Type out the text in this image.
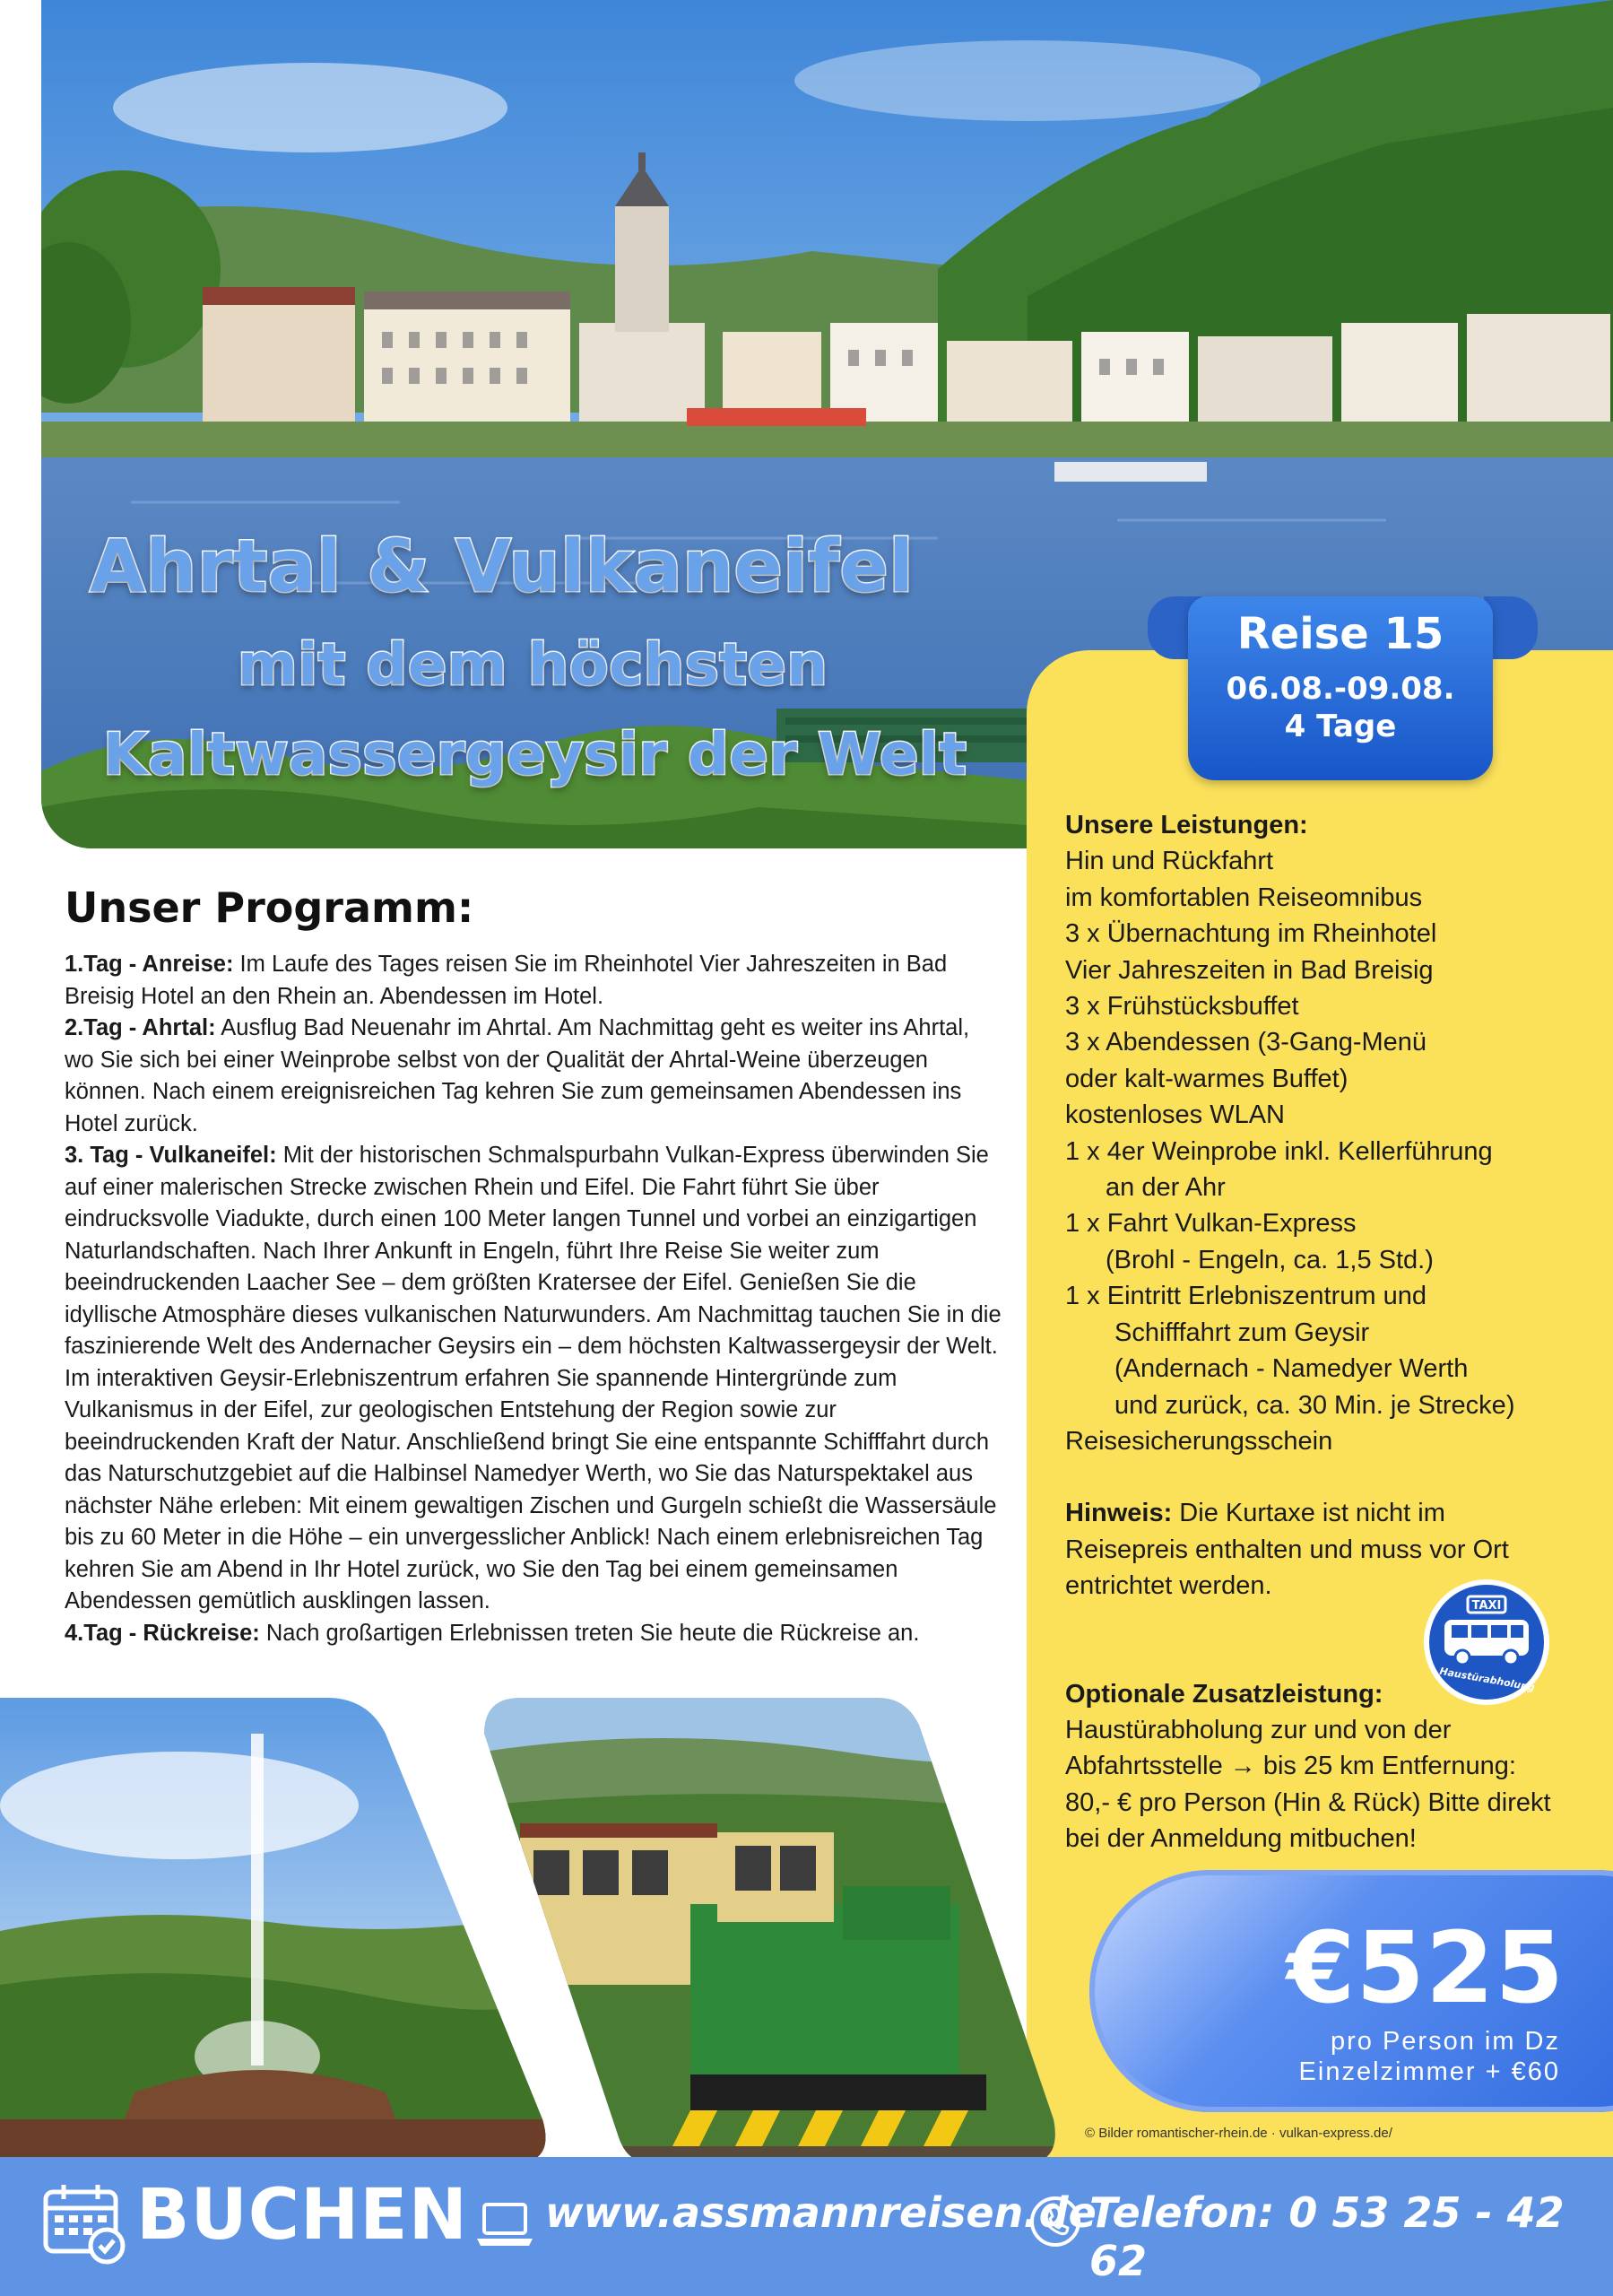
Ahrtal & Vulkaneifel
mit dem höchsten
Kaltwassergeysir der Welt
Reise 15
06.08.-09.08.
4 Tage
Unser Programm:
1.Tag - Anreise: Im Laufe des Tages reisen Sie im Rheinhotel Vier Jahreszeiten in Bad Breisig Hotel an den Rhein an. Abendessen im Hotel.
2.Tag - Ahrtal: Ausflug Bad Neuenahr im Ahrtal. Am Nachmittag geht es weiter ins Ahrtal, wo Sie sich bei einer Weinprobe selbst von der Qualität der Ahrtal-Weine überzeugen können. Nach einem ereignisreichen Tag kehren Sie zum gemeinsamen Abendessen ins Hotel zurück.
3. Tag - Vulkaneifel: Mit der historischen Schmalspurbahn Vulkan-Express überwinden Sie auf einer malerischen Strecke zwischen Rhein und Eifel. Die Fahrt führt Sie über eindrucksvolle Viadukte, durch einen 100 Meter langen Tunnel und vorbei an einzigartigen Naturlandschaften. Nach Ihrer Ankunft in Engeln, führt Ihre Reise Sie weiter zum beeindruckenden Laacher See – dem größten Kratersee der Eifel. Genießen Sie die idyllische Atmosphäre dieses vulkanischen Naturwunders. Am Nachmittag tauchen Sie in die faszinierende Welt des Andernacher Geysirs ein – dem höchsten Kaltwassergeysir der Welt. Im interaktiven Geysir-Erlebniszentrum erfahren Sie spannende Hintergründe zum Vulkanismus in der Eifel, zur geologischen Entstehung der Region sowie zur beeindruckenden Kraft der Natur. Anschließend bringt Sie eine entspannte Schifffahrt durch das Naturschutzgebiet auf die Halbinsel Namedyer Werth, wo Sie das Naturspektakel aus nächster Nähe erleben: Mit einem gewaltigen Zischen und Gurgeln schießt die Wassersäule bis zu 60 Meter in die Höhe – ein unvergesslicher Anblick! Nach einem erlebnisreichen Tag kehren Sie am Abend in Ihr Hotel zurück, wo Sie den Tag bei einem gemeinsamen Abendessen gemütlich ausklingen lassen.
4.Tag - Rückreise: Nach großartigen Erlebnissen treten Sie heute die Rückreise an.
Unsere Leistungen:
Hin und Rückfahrt
im komfortablen Reiseomnibus
3 x Übernachtung im Rheinhotel
Vier Jahreszeiten in Bad Breisig
3 x Frühstücksbuffet
3 x Abendessen (3-Gang-Menü
oder kalt-warmes Buffet)
kostenloses WLAN
1 x 4er Weinprobe inkl. Kellerführung
an der Ahr
1 x Fahrt Vulkan-Express
(Brohl - Engeln, ca. 1,5 Std.)
1 x Eintritt Erlebniszentrum und
Schifffahrt zum Geysir
(Andernach - Namedyer Werth
und zurück, ca. 30 Min. je Strecke)
Reisesicherungsschein
Hinweis: Die Kurtaxe ist nicht im Reisepreis enthalten und muss vor Ort entrichtet werden.
Optionale Zusatzleistung:
Haustürabholung zur und von der Abfahrtsstelle → bis 25 km Entfernung: 80,- € pro Person (Hin & Rück) Bitte direkt bei der Anmeldung mitbuchen!
TAXI
Haustürabholung
€525
pro Person im Dz
Einzelzimmer + €60
© Bilder romantischer-rhein.de · vulkan-express.de/
BUCHEN www.assmannreisen.de
Telefon: 0 53 25 - 42 62
